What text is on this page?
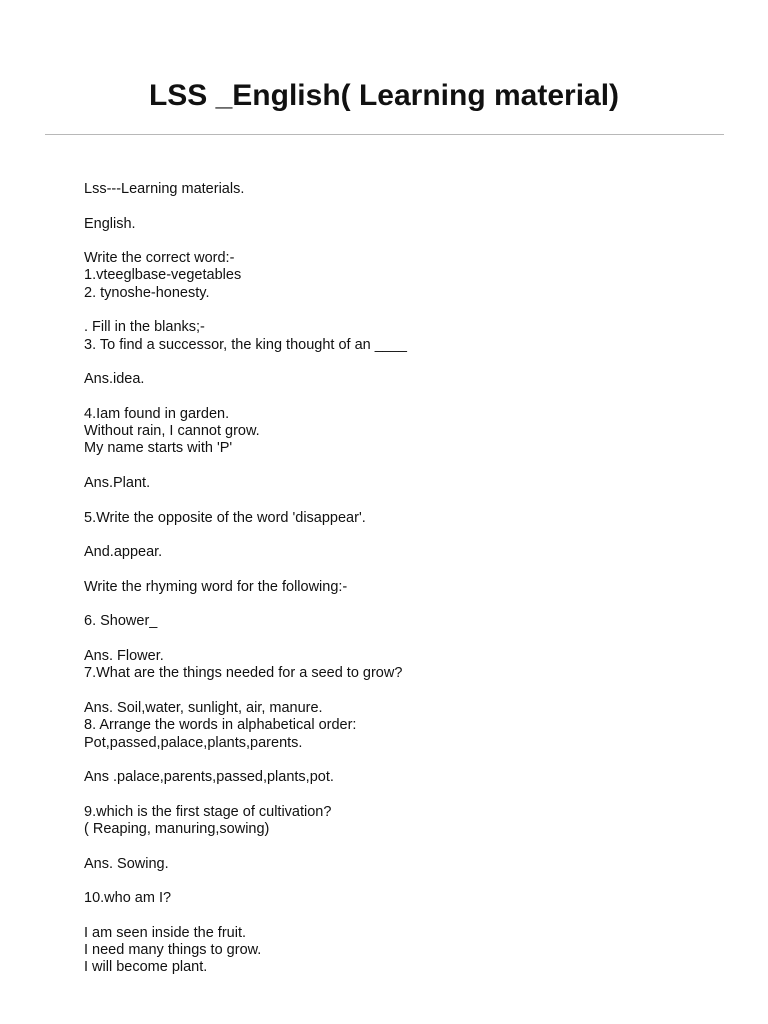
LSS _English( Learning material)

Lss---Learning materials.

English.

Write the correct word:-
1.vteeglbase-vegetables
2. tynoshe-honesty.

. Fill in the blanks;-
3. To find a successor, the king thought of an ____

Ans.idea.

4.Iam found in garden.
Without rain, I cannot grow.
My name starts with 'P'

Ans.Plant.

5.Write the opposite of the word 'disappear'.

And.appear.

Write the rhyming word for the following:-

6. Shower_

Ans. Flower.
7.What are the things needed for a seed to grow?

Ans. Soil,water, sunlight, air, manure.
8. Arrange the words in alphabetical order:
Pot,passed,palace,plants,parents.

Ans .palace,parents,passed,plants,pot.

9.which is the first stage of cultivation?
( Reaping, manuring,sowing)

Ans. Sowing.

10.who am I?

I am seen inside the fruit.
I need many things to grow.
I will become plant.
